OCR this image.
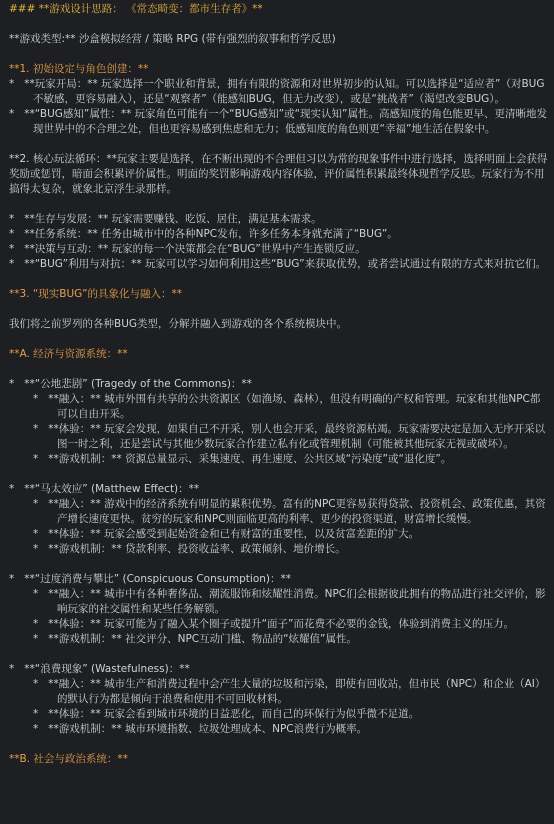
### **游戏设计思路： 《常态畸变：都市生存者》**
**游戏类型:** 沙盒模拟经营 / 策略 RPG (带有强烈的叙事和哲学反思)
**1. 初始设定与角色创建：**
*   **玩家开局：** 玩家选择一个职业和背景，拥有有限的资源和对世界初步的认知。可以选择是“适应者”（对BUG不敏感，更容易融入），还是“观察者”（能感知BUG，但无力改变），或是“挑战者”（渴望改变BUG）。
*   **“BUG感知”属性：** 玩家角色可能有一个“BUG感知”或“现实认知”属性。高感知度的角色能更早、更清晰地发现世界中的不合理之处，但也更容易感到焦虑和无力；低感知度的角色则更“幸福”地生活在假象中。
**2. 核心玩法循环：**玩家主要是选择，在不断出现的不合理但习以为常的现象事件中进行选择，选择明面上会获得奖励或惩罚，暗面会积累评价属性。明面的奖罚影响游戏内容体验，评价属性积累最终体现哲学反思。玩家行为不用搞得太复杂，就象北京浮生录那样。
*   **生存与发展：** 玩家需要赚钱、吃饭、居住，满足基本需求。
*   **任务系统：** 任务由城市中的各种NPC发布，许多任务本身就充满了“BUG”。
*   **决策与互动：** 玩家的每一个决策都会在“BUG”世界中产生连锁反应。
*   **“BUG”利用与对抗：** 玩家可以学习如何利用这些“BUG”来获取优势，或者尝试通过有限的方式来对抗它们。
**3. “现实BUG”的具象化与融入：**
我们将之前罗列的各种BUG类型，分解并融入到游戏的各个系统模块中。
**A. 经济与资源系统：**
*   **“公地悲剧” (Tragedy of the Commons)：**
*   **融入：** 城市外围有共享的公共资源区（如渔场、森林），但没有明确的产权和管理。玩家和其他NPC都可以自由开采。
*   **体验：** 玩家会发现，如果自己不开采，别人也会开采，最终资源枯竭。玩家需要决定是加入无序开采以图一时之利，还是尝试与其他少数玩家合作建立私有化或管理机制（可能被其他玩家无视或破坏）。
*   **游戏机制：** 资源总量显示、采集速度、再生速度、公共区域“污染度”或“退化度”。
*   **“马太效应” (Matthew Effect)：**
*   **融入：** 游戏中的经济系统有明显的累积优势。富有的NPC更容易获得贷款、投资机会、政策优惠，其资产增长速度更快。贫穷的玩家和NPC则面临更高的利率、更少的投资渠道，财富增长缓慢。
*   **体验：** 玩家会感受到起始资金和已有财富的重要性，以及贫富差距的扩大。
*   **游戏机制：** 贷款利率、投资收益率、政策倾斜、地价增长。
*   **“过度消费与攀比” (Conspicuous Consumption)：**
*   **融入：** 城市中有各种奢侈品、潮流服饰和炫耀性消费。NPC们会根据彼此拥有的物品进行社交评价，影响玩家的社交属性和某些任务解锁。
*   **体验：** 玩家可能为了融入某个圈子或提升“面子”而花费不必要的金钱，体验到消费主义的压力。
*   **游戏机制：** 社交评分、NPC互动门槛、物品的“炫耀值”属性。
*   **“浪费现象” (Wastefulness)：**
*   **融入：** 城市生产和消费过程中会产生大量的垃圾和污染，即使有回收站，但市民（NPC）和企业（AI）的默认行为都是倾向于浪费和使用不可回收材料。
*   **体验：** 玩家会看到城市环境的日益恶化，而自己的环保行为似乎微不足道。
*   **游戏机制：** 城市环境指数、垃圾处理成本、NPC浪费行为概率。
**B. 社会与政治系统：**
